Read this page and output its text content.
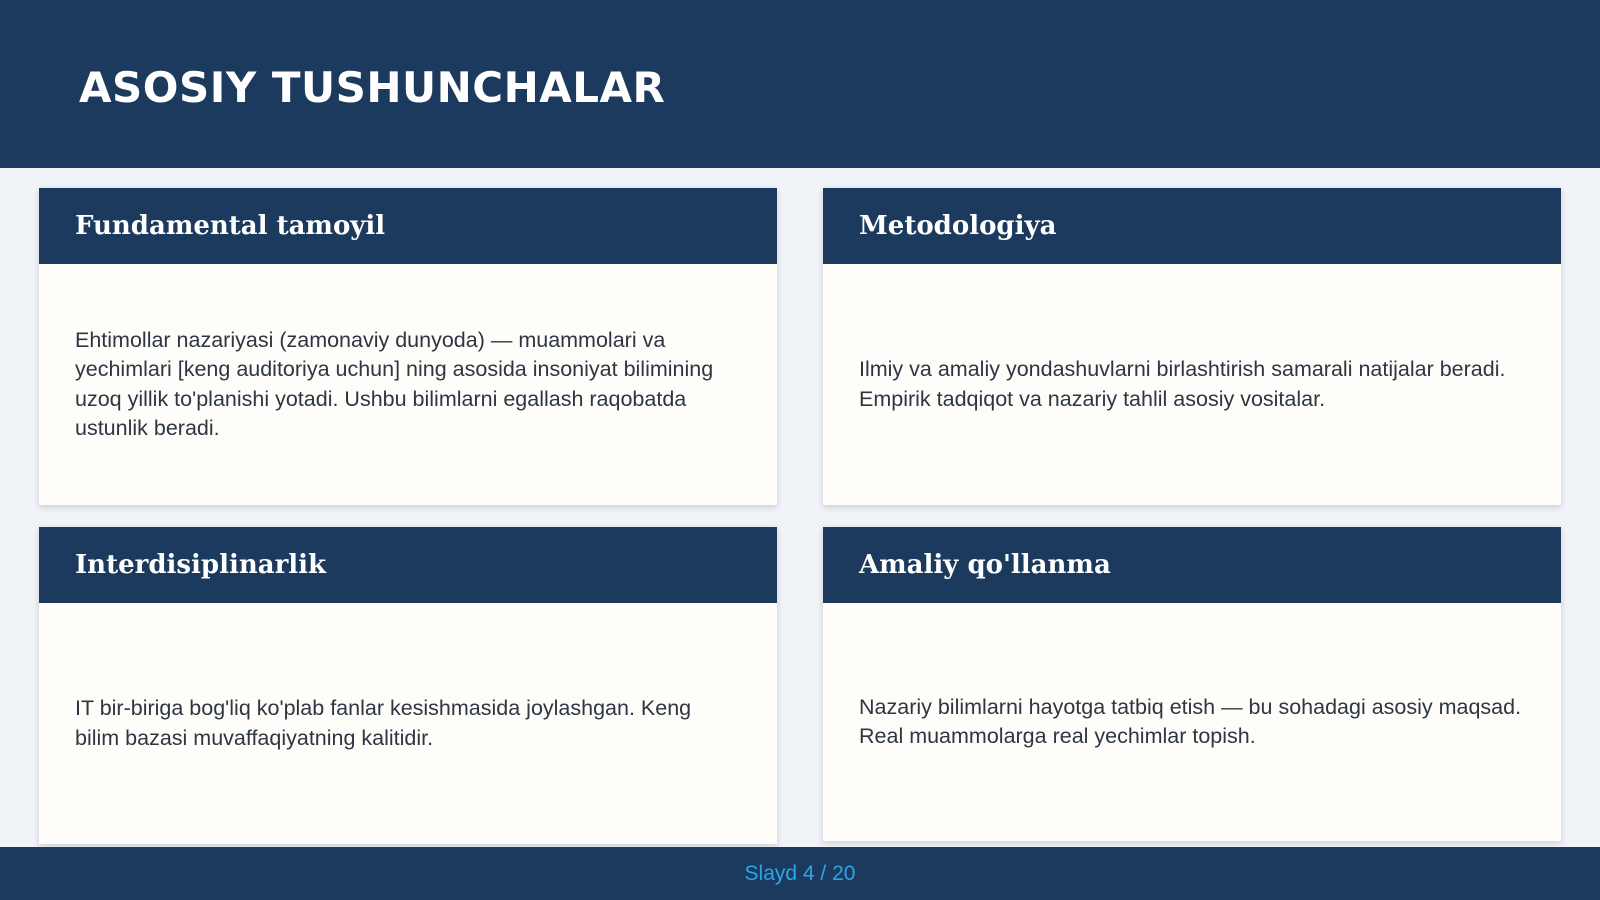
ASOSIY TUSHUNCHALAR
Fundamental tamoyil

Ehtimollar nazariyasi (zamonaviy dunyoda) — muammolari va yechimlari [keng auditoriya uchun] ning asosida insoniyat bilimining uzoq yillik to'planishi yotadi. Ushbu bilimlarni egallash raqobatda ustunlik beradi.

Metodologiya

Ilmiy va amaliy yondashuvlarni birlashtirish samarali natijalar beradi. Empirik tadqiqot va nazariy tahlil asosiy vositalar.

Interdisiplinarlik

IT bir-biriga bog'liq ko'plab fanlar kesishmasida joylashgan. Keng bilim bazasi muvaffaqiyatning kalitidir.

Amaliy qo'llanma

Nazariy bilimlarni hayotga tatbiq etish — bu sohadagi asosiy maqsad. Real muammolarga real yechimlar topish.

Slayd 4 / 20
